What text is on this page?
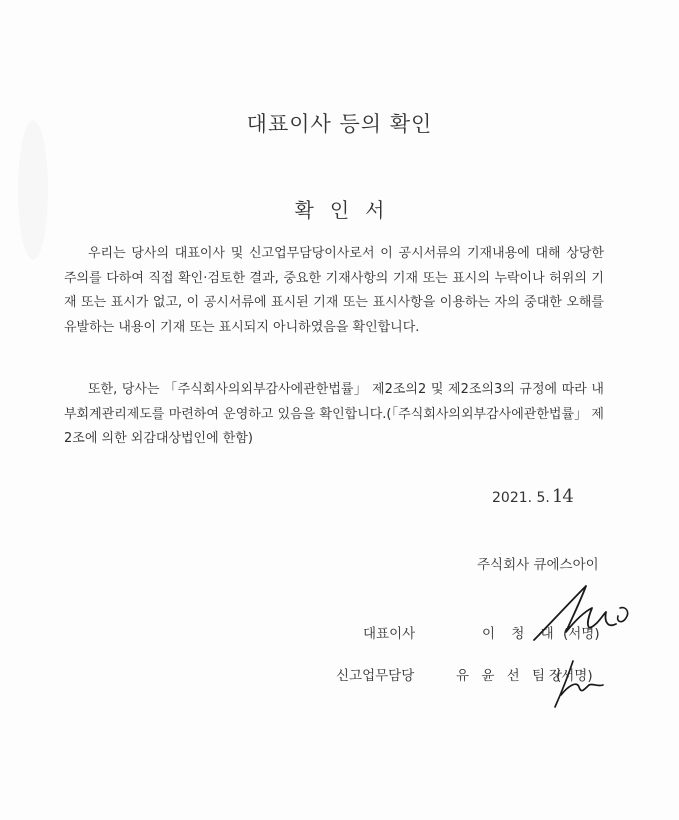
대표이사 등의 확인
확인서

우리는 당사의 대표이사 및 신고업무담당이사로서 이 공시서류의 기재내용에 대해 상당한 주의를 다하여 직접 확인·검토한 결과, 중요한 기재사항의 기재 또는 표시의 누락이나 허위의 기재 또는 표시가 없고, 이 공시서류에 표시된 기재 또는 표시사항을 이용하는 자의 중대한 오해를 유발하는 내용이 기재 또는 표시되지 아니하였음을 확인합니다.

또한, 당사는 「주식회사의외부감사에관한법률」 제2조의2 및 제2조의3의 규정에 따라 내부회계관리제도를 마련하여 운영하고 있음을 확인합니다.(「주식회사의외부감사에관한법률」 제2조에 의한 외감대상법인에 한함)

2021. 5. 14
주식회사 큐에스아이
대표이사	이 청 대 (서명)
신고업무담당	유 윤 선 팀장
(서명)
